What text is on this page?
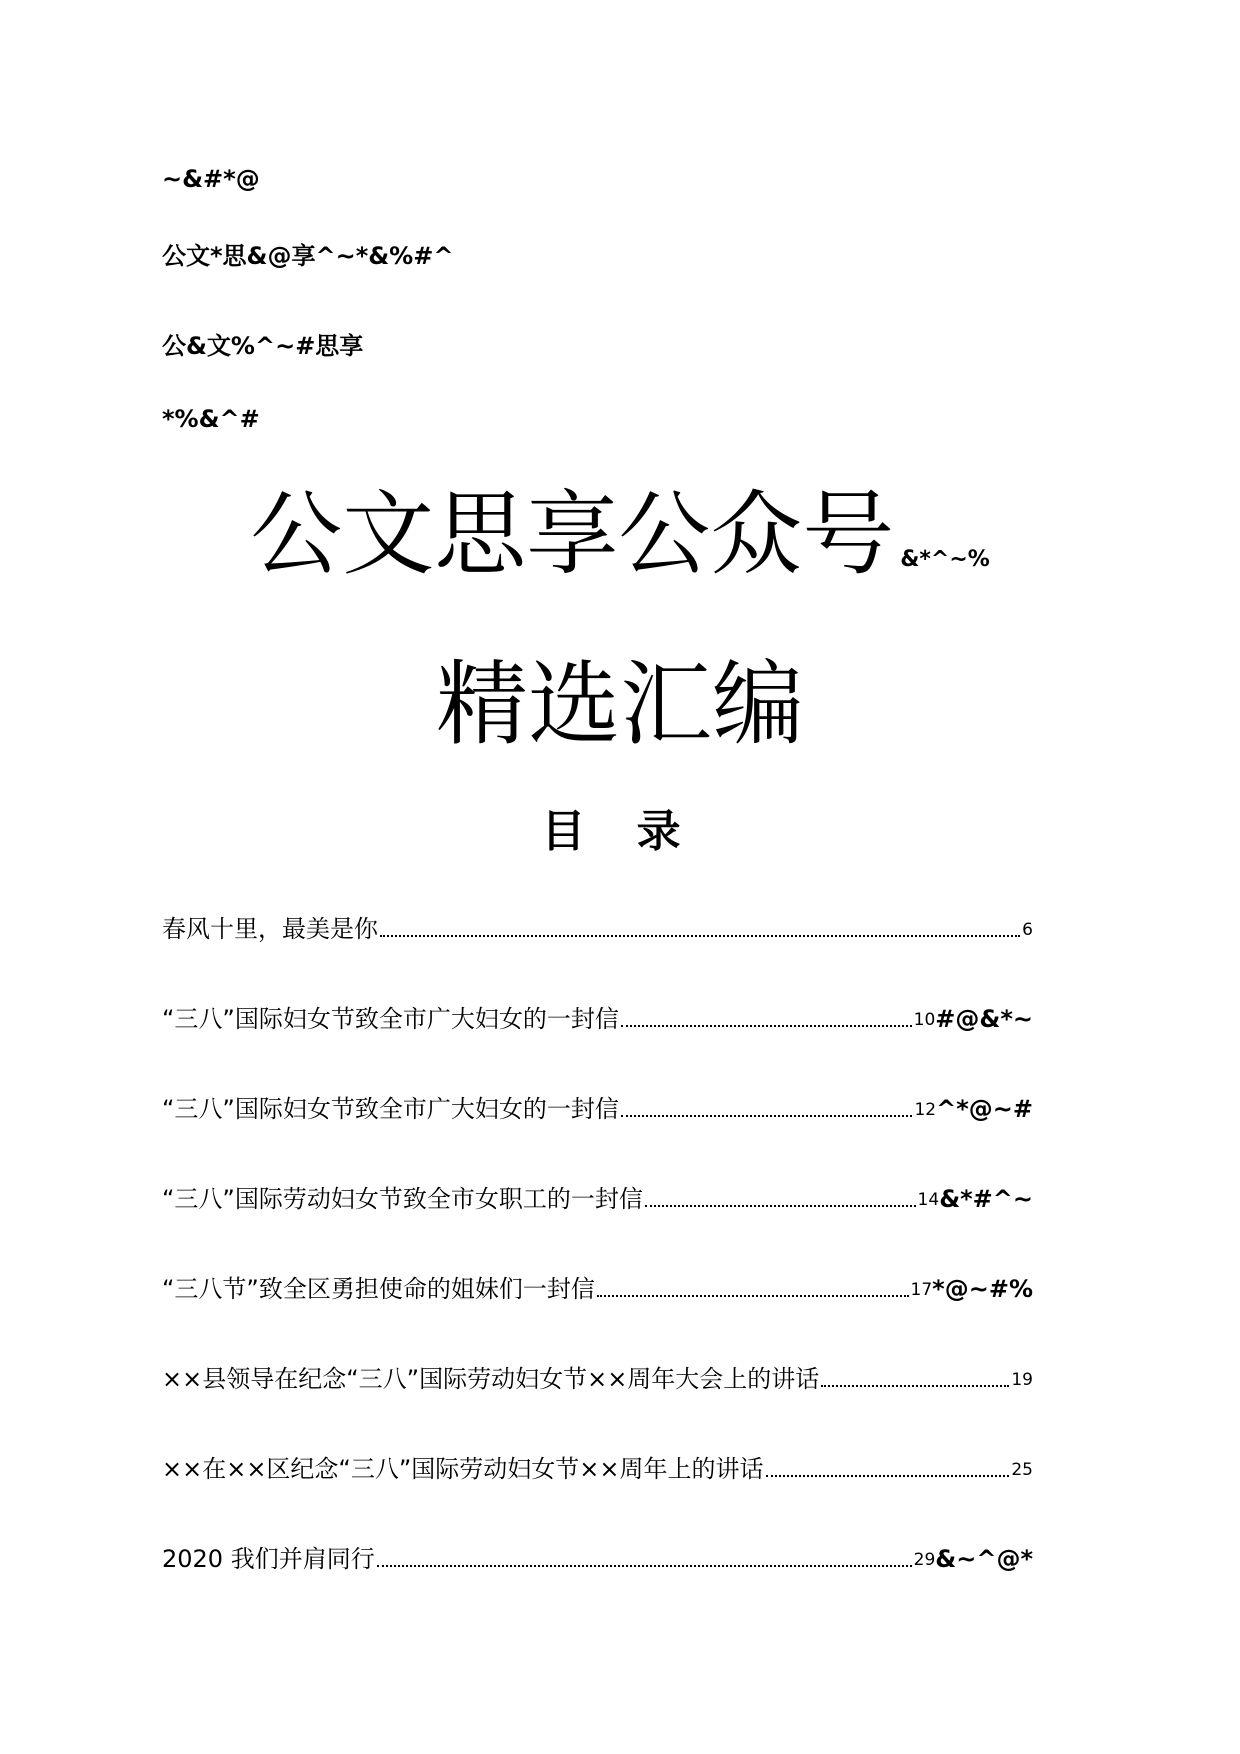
~&#*@
公文*思&@享^~*&%#^
公&文%^~#思享
*%&^#
公文思享公众号 &*^~%
精选汇编
目 录
春风十里，最美是你	6
“三八”国际妇女节致全市广大妇女的一封信	10 #@&*~
“三八”国际妇女节致全市广大妇女的一封信	12 ^*@~#
“三八”国际劳动妇女节致全市女职工的一封信	14 &*#^~
“三八节”致全区勇担使命的姐妹们一封信	17 *@~#%
××县领导在纪念“三八”国际劳动妇女节××周年大会上的讲话	19
××在××区纪念“三八”国际劳动妇女节××周年上的讲话	25
2020 我们并肩同行	29 &~^@*
